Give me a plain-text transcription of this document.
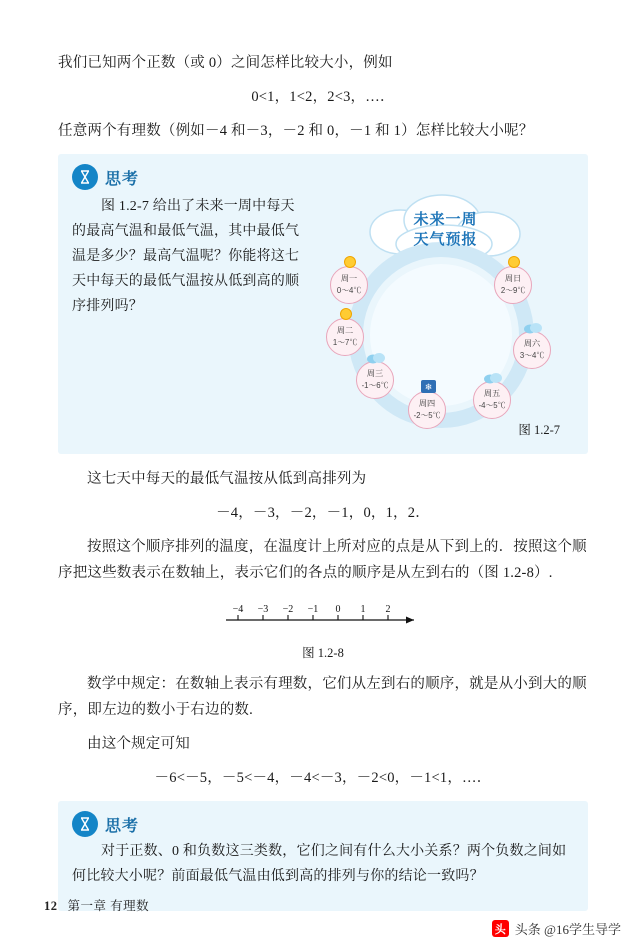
我们已知两个正数（或 0）之间怎样比较大小，例如

0<1，1<2，2<3，…．

任意两个有理数（例如－4 和－3，－2 和 0，－1 和 1）怎样比较大小呢？

思考

图 1.2-7 给出了未来一周中每天的最高气温和最低气温，其中最低气温是多少？最高气温呢？你能将这七天中每天的最低气温按从低到高的顺序排列吗？

未来一周
天气预报
周一
0～4℃
周日
2～9℃
周六
3～4℃
周五
-4～5℃
❄
周四
-2～5℃
周三
-1～6℃
周二
1～7℃
图 1.2-7

这七天中每天的最低气温按从低到高排列为

－4，－3，－2，－1，0，1，2．

按照这个顺序排列的温度，在温度计上所对应的点是从下到上的．按照这个顺序把这些数表示在数轴上，表示它们的各点的顺序是从左到右的（图 1.2-8）.

−4 −3 −2 −1 0 1 2
图 1.2-8

数学中规定：在数轴上表示有理数，它们从左到右的顺序，就是从小到大的顺序，即左边的数小于右边的数.

由这个规定可知

－6<－5，－5<－4，－4<－3，－2<0，－1<1，…．

思考

对于正数、0 和负数这三类数，它们之间有什么大小关系？两个负数之间如何比较大小呢？前面最低气温由低到高的排列与你的结论一致吗？

12 第一章 有理数
头 头条 @16学生导学
